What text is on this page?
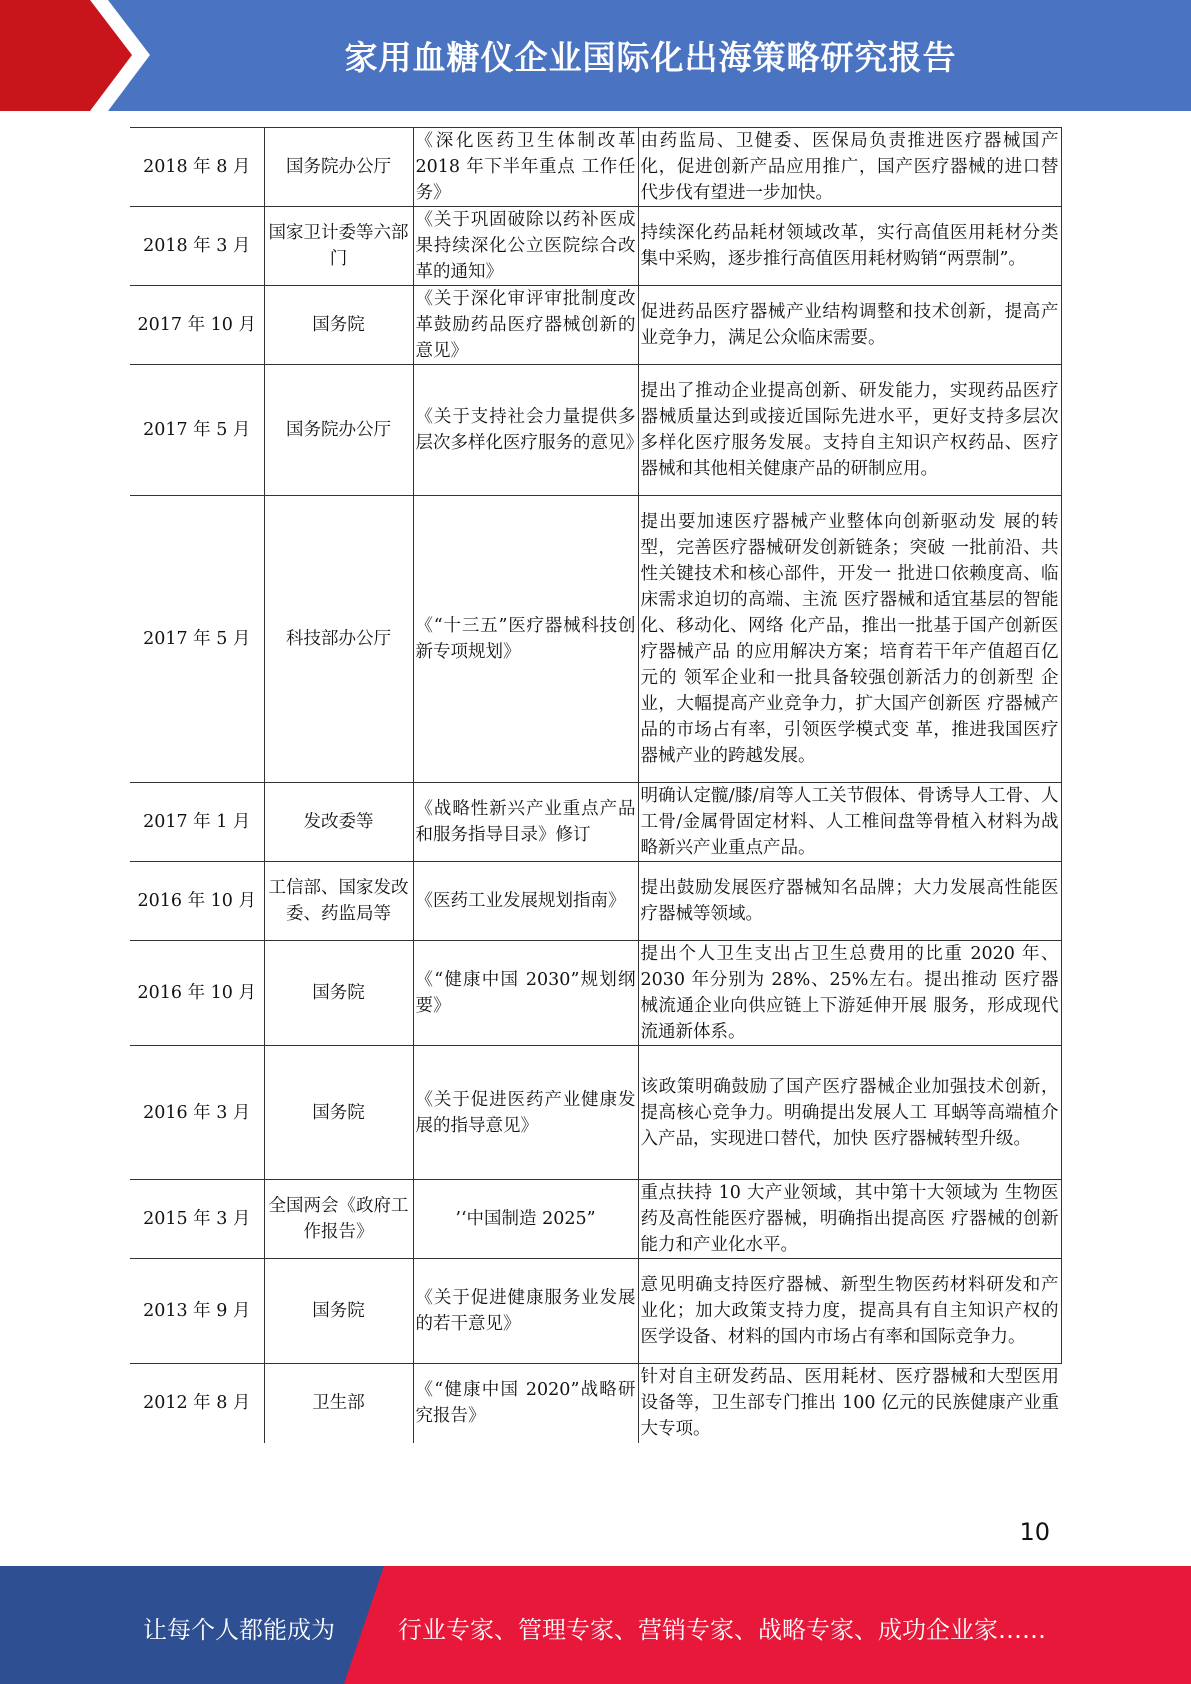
家用血糖仪企业国际化出海策略研究报告
2018 年 8 月	国务院办公厅	《深化医药卫生体制改革 2018 年下半年重点 工作任务》	由药监局、卫健委、医保局负责推进医疗器械国产化，促进创新产品应用推广，国产医疗器械的进口替代步伐有望进一步加快。
2018 年 3 月	国家卫计委等六部门	《关于巩固破除以药补医成果持续深化公立医院综合改革的通知》	持续深化药品耗材领域改革，实行高值医用耗材分类集中采购，逐步推行高值医用耗材购销“两票制”。
2017 年 10 月	国务院	《关于深化审评审批制度改革鼓励药品医疗器械创新的意见》	促进药品医疗器械产业结构调整和技术创新，提高产业竞争力，满足公众临床需要。
2017 年 5 月	国务院办公厅	《关于支持社会力量提供多层次多样化医疗服务的意见》	提出了推动企业提高创新、研发能力，实现药品医疗器械质量达到或接近国际先进水平，更好支持多层次多样化医疗服务发展。支持自主知识产权药品、医疗器械和其他相关健康产品的研制应用。
2017 年 5 月	科技部办公厅	《“十三五”医疗器械科技创新专项规划》	提出要加速医疗器械产业整体向创新驱动发 展的转型，完善医疗器械研发创新链条；突破 一批前沿、共性关键技术和核心部件，开发一 批进口依赖度高、临床需求迫切的高端、主流 医疗器械和适宜基层的智能化、移动化、网络 化产品，推出一批基于国产创新医疗器械产品 的应用解决方案；培育若干年产值超百亿元的 领军企业和一批具备较强创新活力的创新型 企业，大幅提高产业竞争力，扩大国产创新医 疗器械产品的市场占有率，引领医学模式变 革，推进我国医疗器械产业的跨越发展。
2017 年 1 月	发改委等	《战略性新兴产业重点产品和服务指导目录》修订	明确认定髋/膝/肩等人工关节假体、骨诱导人工骨、人工骨/金属骨固定材料、人工椎间盘等骨植入材料为战略新兴产业重点产品。
2016 年 10 月	工信部、国家发改委、药监局等	《医药工业发展规划指南》	提出鼓励发展医疗器械知名品牌；大力发展高性能医疗器械等领域。
2016 年 10 月	国务院	《“健康中国 2030”规划纲要》	提出个人卫生支出占卫生总费用的比重 2020 年、2030 年分别为 28%、25%左右。提出推动 医疗器械流通企业向供应链上下游延伸开展 服务，形成现代流通新体系。
2016 年 3 月	国务院	《关于促进医药产业健康发展的指导意见》	该政策明确鼓励了国产医疗器械企业加强技术创新，提高核心竞争力。明确提出发展人工 耳蜗等高端植介入产品，实现进口替代，加快 医疗器械转型升级。
2015 年 3 月	全国两会《政府工作报告》	’‘中国制造 2025”	重点扶持 10 大产业领域，其中第十大领域为 生物医药及高性能医疗器械，明确指出提高医 疗器械的创新能力和产业化水平。
2013 年 9 月	国务院	《关于促进健康服务业发展的若干意见》	意见明确支持医疗器械、新型生物医药材料研发和产业化；加大政策支持力度，提高具有自主知识产权的医学设备、材料的国内市场占有率和国际竞争力。
2012 年 8 月	卫生部	《“健康中国 2020”战略研究报告》	针对自主研发药品、医用耗材、医疗器械和大型医用设备等，卫生部专门推出 100 亿元的民族健康产业重大专项。
10
让每个人都能成为	行业专家、管理专家、营销专家、战略专家、成功企业家……
